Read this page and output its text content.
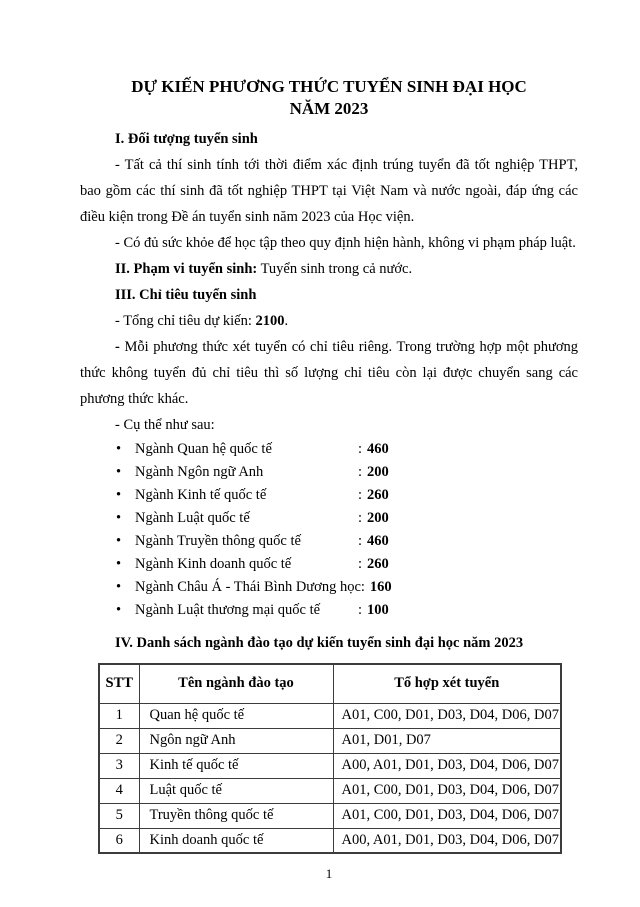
DỰ KIẾN PHƯƠNG THỨC TUYỂN SINH ĐẠI HỌC
NĂM 2023
I. Đối tượng tuyển sinh
- Tất cả thí sinh tính tới thời điểm xác định trúng tuyển đã tốt nghiệp THPT, bao gồm các thí sinh đã tốt nghiệp THPT tại Việt Nam và nước ngoài, đáp ứng các điều kiện trong Đề án tuyển sinh năm 2023 của Học viện.
- Có đủ sức khỏe để học tập theo quy định hiện hành, không vi phạm pháp luật.
II. Phạm vi tuyển sinh: Tuyển sinh trong cả nước.
III. Chỉ tiêu tuyển sinh
- Tổng chỉ tiêu dự kiến: 2100.
- Mỗi phương thức xét tuyển có chỉ tiêu riêng. Trong trường hợp một phương thức không tuyển đủ chỉ tiêu thì số lượng chỉ tiêu còn lại được chuyển sang các phương thức khác.
- Cụ thể như sau:
• Ngành Quan hệ quốc tế	: 460
• Ngành Ngôn ngữ Anh	: 200
• Ngành Kinh tế quốc tế	: 260
• Ngành Luật quốc tế	: 200
• Ngành Truyền thông quốc tế	: 460
• Ngành Kinh doanh quốc tế	: 260
• Ngành Châu Á - Thái Bình Dương học: 160
• Ngành Luật thương mại quốc tế	: 100
IV. Danh sách ngành đào tạo dự kiến tuyển sinh đại học năm 2023
STT	Tên ngành đào tạo	Tổ hợp xét tuyển
1	Quan hệ quốc tế	A01, C00, D01, D03, D04, D06, D07
2	Ngôn ngữ Anh	A01, D01, D07
3	Kinh tế quốc tế	A00, A01, D01, D03, D04, D06, D07
4	Luật quốc tế	A01, C00, D01, D03, D04, D06, D07
5	Truyền thông quốc tế	A01, C00, D01, D03, D04, D06, D07
6	Kinh doanh quốc tế	A00, A01, D01, D03, D04, D06, D07
1
